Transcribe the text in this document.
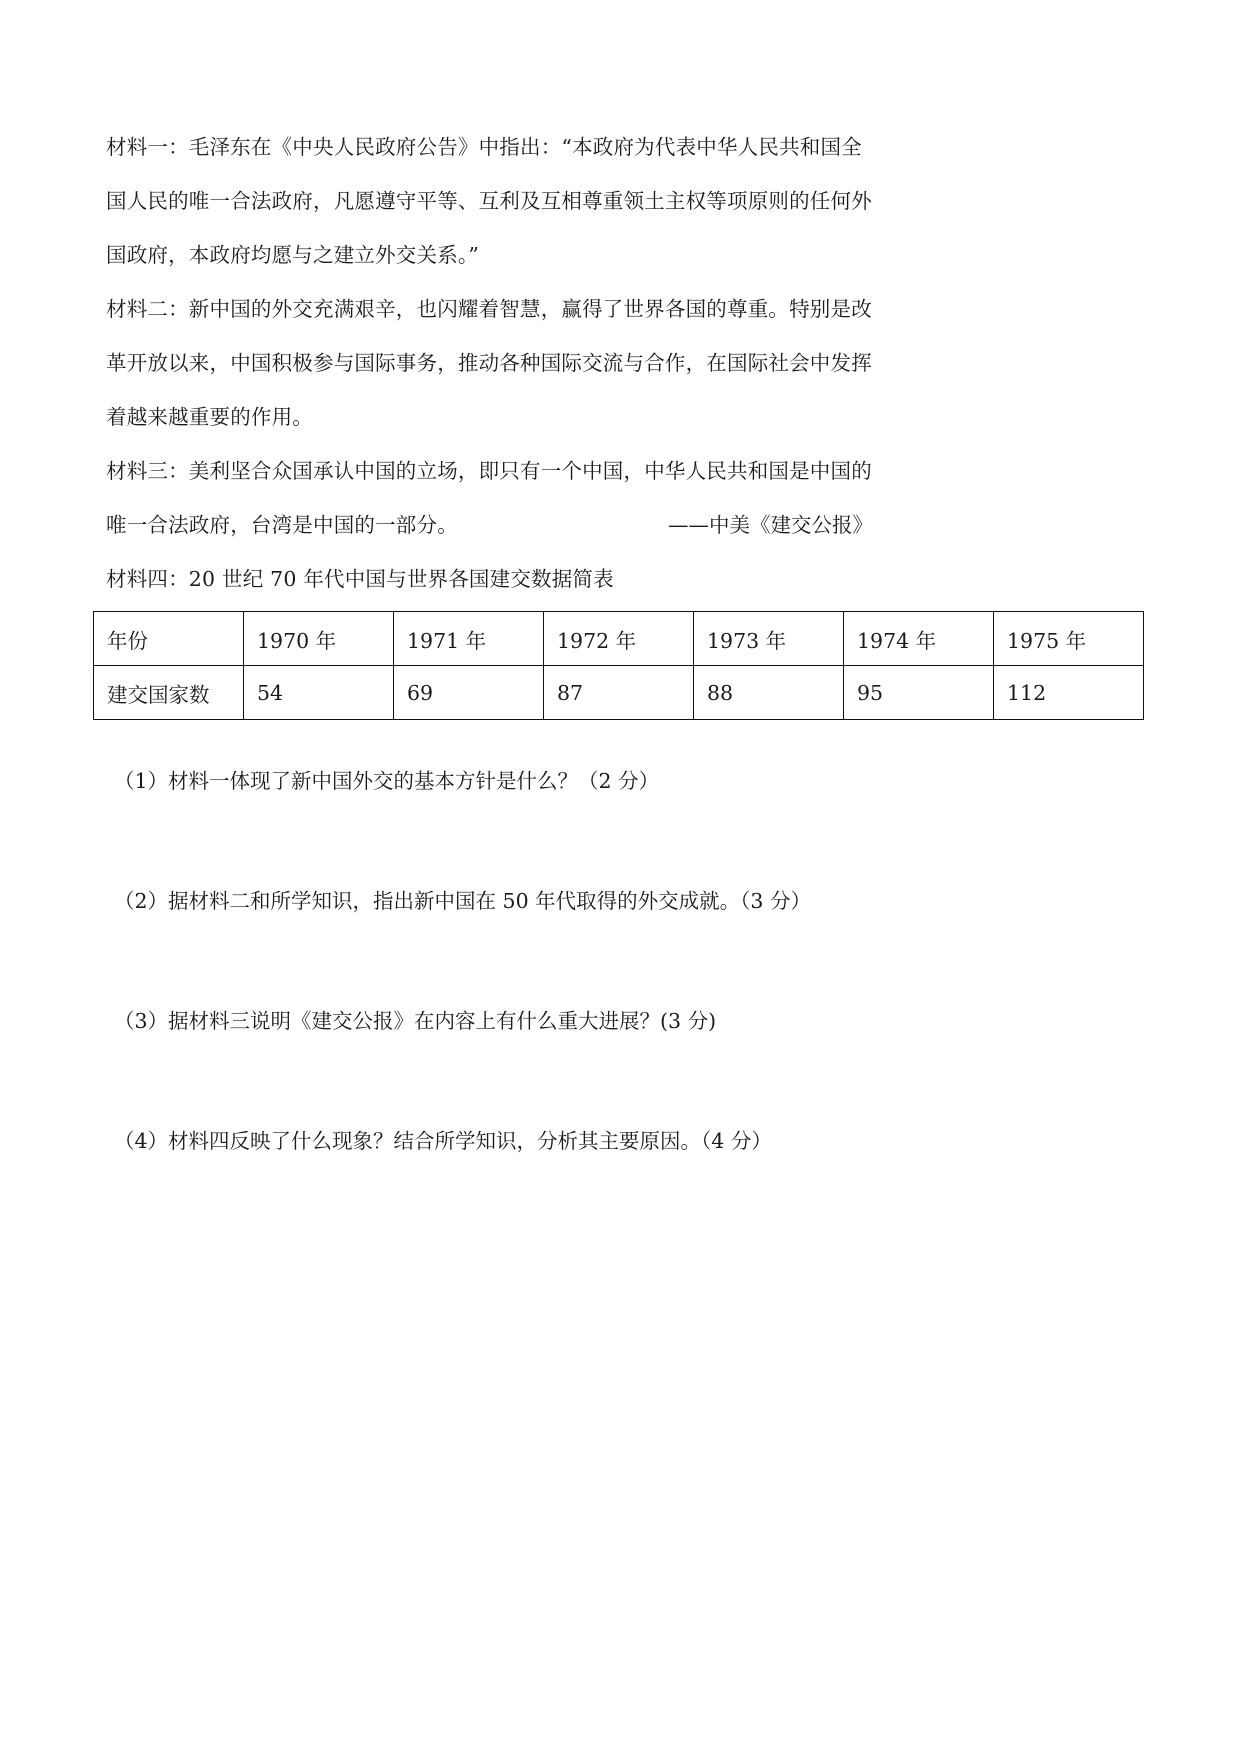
材料一：毛泽东在《中央人民政府公告》中指出：“本政府为代表中华人民共和国全
国人民的唯一合法政府，凡愿遵守平等、互利及互相尊重领土主权等项原则的任何外
国政府，本政府均愿与之建立外交关系。”
材料二：新中国的外交充满艰辛，也闪耀着智慧，赢得了世界各国的尊重。特别是改
革开放以来，中国积极参与国际事务，推动各种国际交流与合作，在国际社会中发挥
着越来越重要的作用。
材料三：美利坚合众国承认中国的立场，即只有一个中国，中华人民共和国是中国的
唯一合法政府，台湾是中国的一部分。	——中美《建交公报》
材料四：20 世纪 70 年代中国与世界各国建交数据简表
年份	1970 年	1971 年	1972 年	1973 年	1974 年	1975 年
建交国家数	54	69	87	88	95	112
（1）材料一体现了新中国外交的基本方针是什么？（2 分）
（2）据材料二和所学知识，指出新中国在 50 年代取得的外交成就。（3 分）
（3）据材料三说明《建交公报》在内容上有什么重大进展？(3 分)
（4）材料四反映了什么现象？结合所学知识，分析其主要原因。（4 分）
